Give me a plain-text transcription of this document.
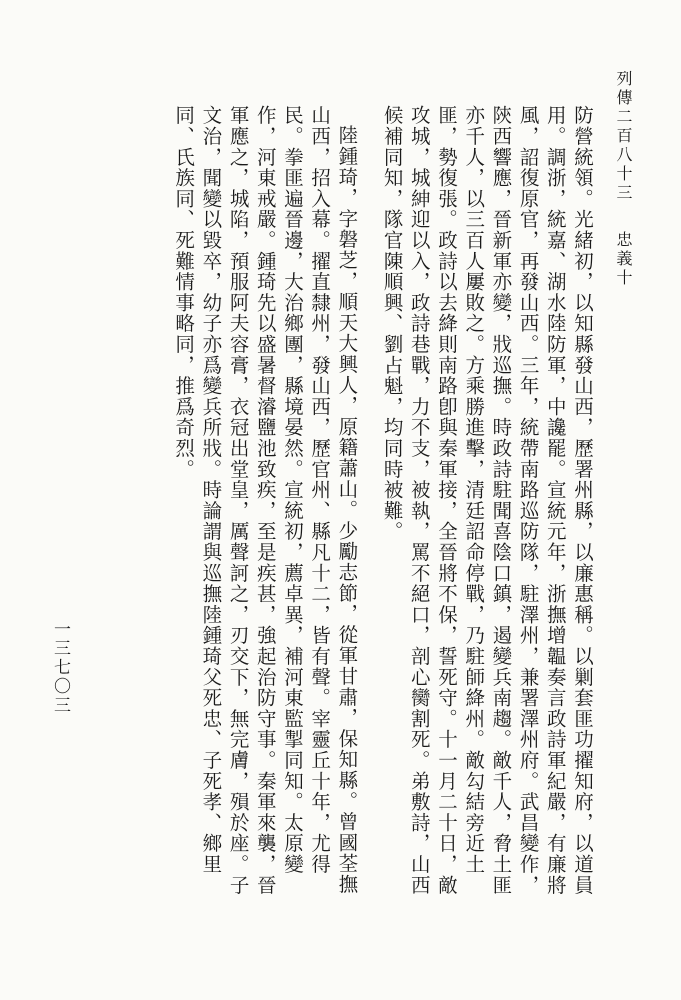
列傳二百八十三
忠義十

防營統領。光緒初，以知縣發山西，歷署州縣，以廉惠稱。以剿套匪功擢知府，以道員用。調浙，統嘉、湖水陸防軍，中讒罷。宣統元年，浙撫增韞奏言政詩軍紀嚴，有廉將風，詔復原官，再發山西。三年，統帶南路巡防隊，駐澤州，兼署澤州府。武昌變作，陝西響應，晉新軍亦變，戕巡撫。時政詩駐聞喜陰口鎮，遏變兵南趨。敵千人，脅土匪亦千人，以三百人屢敗之。方乘勝進擊，清廷詔命停戰，乃駐師絳州。敵勾結旁近土匪，勢復張。政詩以去絳則南路卽與秦軍接，全晉將不保，誓死守。十一月二十日，敵攻城，城紳迎以入，政詩巷戰，力不支，被執，罵不絕口，剖心臠割死。弟敷詩，山西候補同知，隊官陳順興、劉占魁，均同時被難。

陸鍾琦，字磐芝，順天大興人，原籍蕭山。少勵志節，從軍甘肅，保知縣。曾國荃撫山西，招入幕。擢直隸州，發山西，歷官州、縣凡十二，皆有聲。宰靈丘十年，尤得民。拳匪遍晉邊，大治鄉團，縣境晏然。宣統初，薦卓異，補河東監掣同知。太原變作，河東戒嚴。鍾琦先以盛暑督濬鹽池致疾，至是疾甚，強起治防守事。秦軍來襲，晉軍應之，城陷，預服阿夫容膏，衣冠出堂皇，厲聲訶之，刃交下，無完膚，殞於座。子文治，聞變以毀卒，幼子亦爲變兵所戕。時論謂與巡撫陸鍾琦父死忠、子死孝、鄉里同、氏族同、死難情事略同，推爲奇烈。

一三七〇三
